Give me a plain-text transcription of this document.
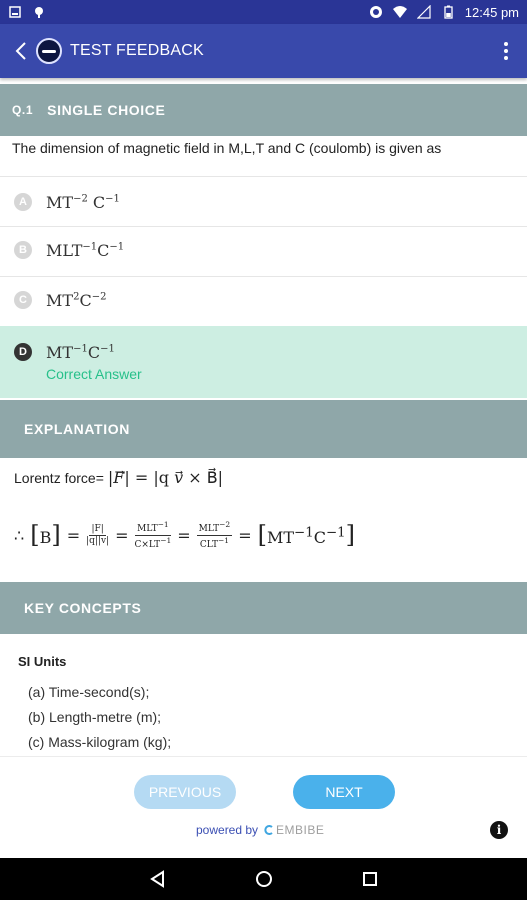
12:45 pm
TEST FEEDBACK
Q.1 SINGLE CHOICE
The dimension of magnetic field in M,L,T and C (coulomb) is given as
A	$MT^{-2}$ $C^{-1}$
B	$MLT^{-1}C^{-1}$
C	$MT^2C^{-2}$
D	$MT^{-1}C^{-1}$
Correct Answer
EXPLANATION
Lorentz force= |F⃗| = |q v⃗ × B⃗|
∴ $[B] = \frac{|F|}{|q||v|} = \frac{MLT^{-1}}{C\times LT^{-1}} = \frac{MLT^{-2}}{CLT^{-1}} = [MT^{-1}C^{-1}]$
KEY CONCEPTS
SI Units
(a) Time-second(s);
(b) Length-metre (m);
(c) Mass-kilogram (kg);
PREVIOUS	NEXT
powered by EMBIBE	i
